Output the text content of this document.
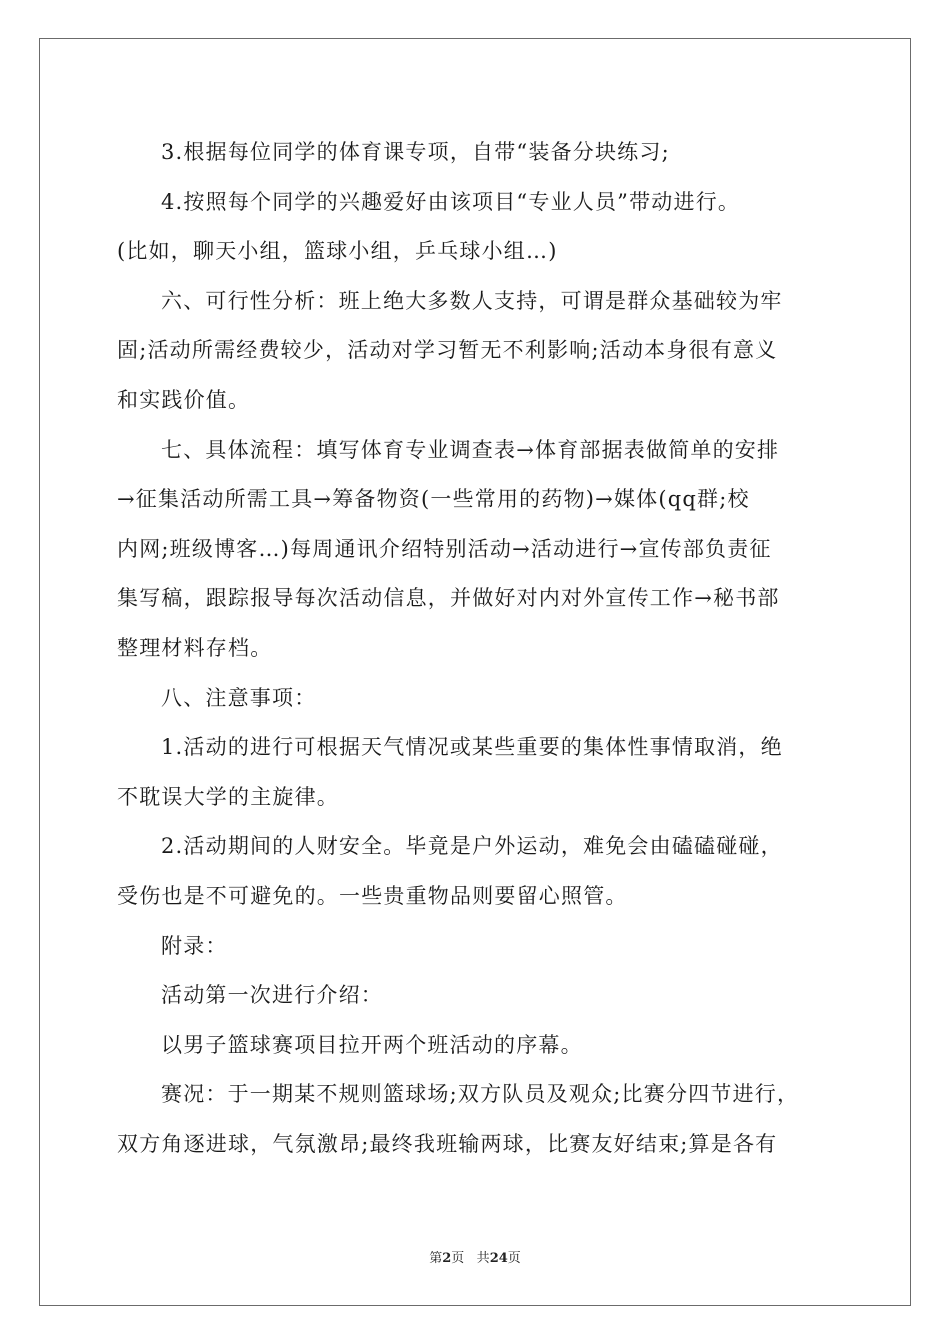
3.根据每位同学的体育课专项，自带“装备分块练习;
4.按照每个同学的兴趣爱好由该项目“专业人员”带动进行。
(比如，聊天小组，篮球小组，乒乓球小组…)
六、可行性分析：班上绝大多数人支持，可谓是群众基础较为牢
固;活动所需经费较少，活动对学习暂无不利影响;活动本身很有意义
和实践价值。
七、具体流程：填写体育专业调查表→体育部据表做简单的安排
→征集活动所需工具→筹备物资(一些常用的药物)→媒体(qq群;校
内网;班级博客…)每周通讯介绍特别活动→活动进行→宣传部负责征
集写稿，跟踪报导每次活动信息，并做好对内对外宣传工作→秘书部
整理材料存档。
八、注意事项：
1.活动的进行可根据天气情况或某些重要的集体性事情取消，绝
不耽误大学的主旋律。
2.活动期间的人财安全。毕竟是户外运动，难免会由磕磕碰碰，
受伤也是不可避免的。一些贵重物品则要留心照管。
附录：
活动第一次进行介绍：
以男子篮球赛项目拉开两个班活动的序幕。
赛况：于一期某不规则篮球场;双方队员及观众;比赛分四节进行，
双方角逐进球，气氛激昂;最终我班输两球，比赛友好结束;算是各有
第2页 共24页
